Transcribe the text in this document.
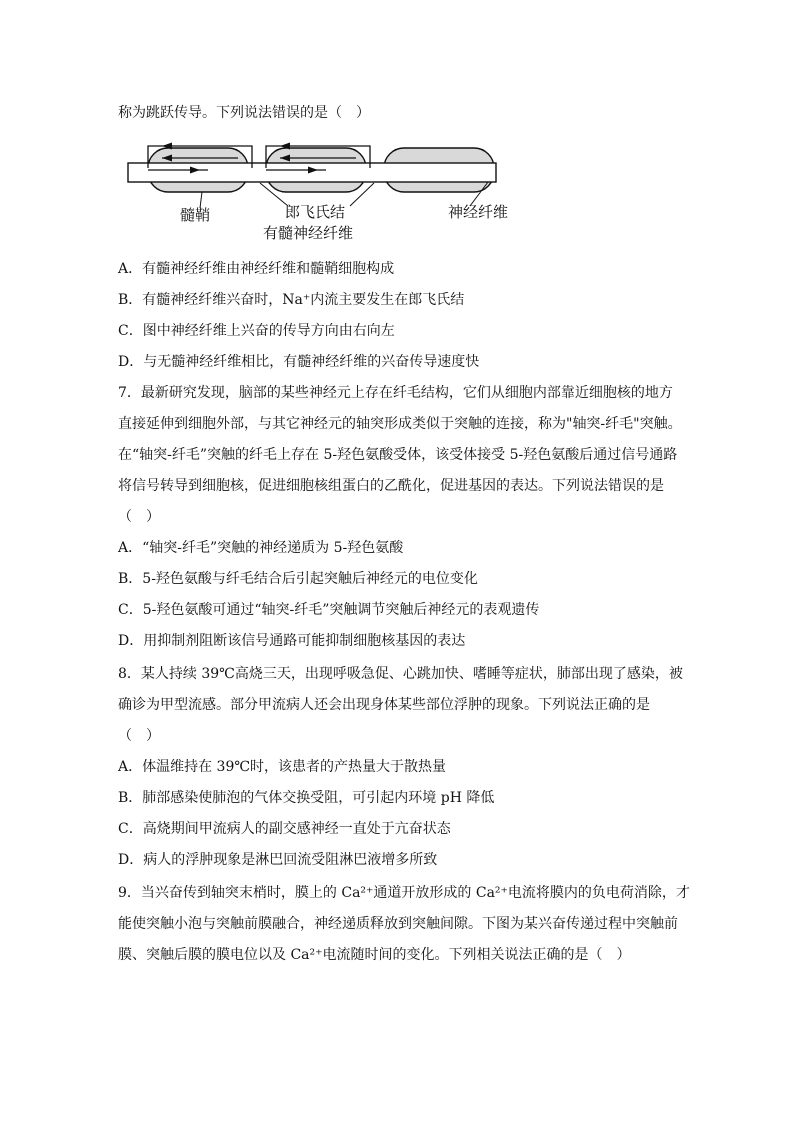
称为跳跃传导。下列说法错误的是（　）
髓鞘	郎飞氏结	神经纤维
有髓神经纤维
A．有髓神经纤维由神经纤维和髓鞘细胞构成
B．有髓神经纤维兴奋时，Na⁺内流主要发生在郎飞氏结
C．图中神经纤维上兴奋的传导方向由右向左
D．与无髓神经纤维相比，有髓神经纤维的兴奋传导速度快
7．最新研究发现，脑部的某些神经元上存在纤毛结构，它们从细胞内部靠近细胞核的地方
直接延伸到细胞外部，与其它神经元的轴突形成类似于突触的连接，称为"轴突-纤毛"突触。
在“轴突-纤毛”突触的纤毛上存在 5-羟色氨酸受体，该受体接受 5-羟色氨酸后通过信号通路
将信号转导到细胞核，促进细胞核组蛋白的乙酰化，促进基因的表达。下列说法错误的是
（　）
A．“轴突-纤毛”突触的神经递质为 5-羟色氨酸
B．5-羟色氨酸与纤毛结合后引起突触后神经元的电位变化
C．5-羟色氨酸可通过“轴突-纤毛”突触调节突触后神经元的表观遗传
D．用抑制剂阻断该信号通路可能抑制细胞核基因的表达
8．某人持续 39℃高烧三天，出现呼吸急促、心跳加快、嗜睡等症状，肺部出现了感染，被
确诊为甲型流感。部分甲流病人还会出现身体某些部位浮肿的现象。下列说法正确的是
（　）
A．体温维持在 39℃时，该患者的产热量大于散热量
B．肺部感染使肺泡的气体交换受阻，可引起内环境 pH 降低
C．高烧期间甲流病人的副交感神经一直处于亢奋状态
D．病人的浮肿现象是淋巴回流受阻淋巴液增多所致
9．当兴奋传到轴突末梢时，膜上的 Ca²⁺通道开放形成的 Ca²⁺电流将膜内的负电荷消除，才
能使突触小泡与突触前膜融合，神经递质释放到突触间隙。下图为某兴奋传递过程中突触前
膜、突触后膜的膜电位以及 Ca²⁺电流随时间的变化。下列相关说法正确的是（　）
